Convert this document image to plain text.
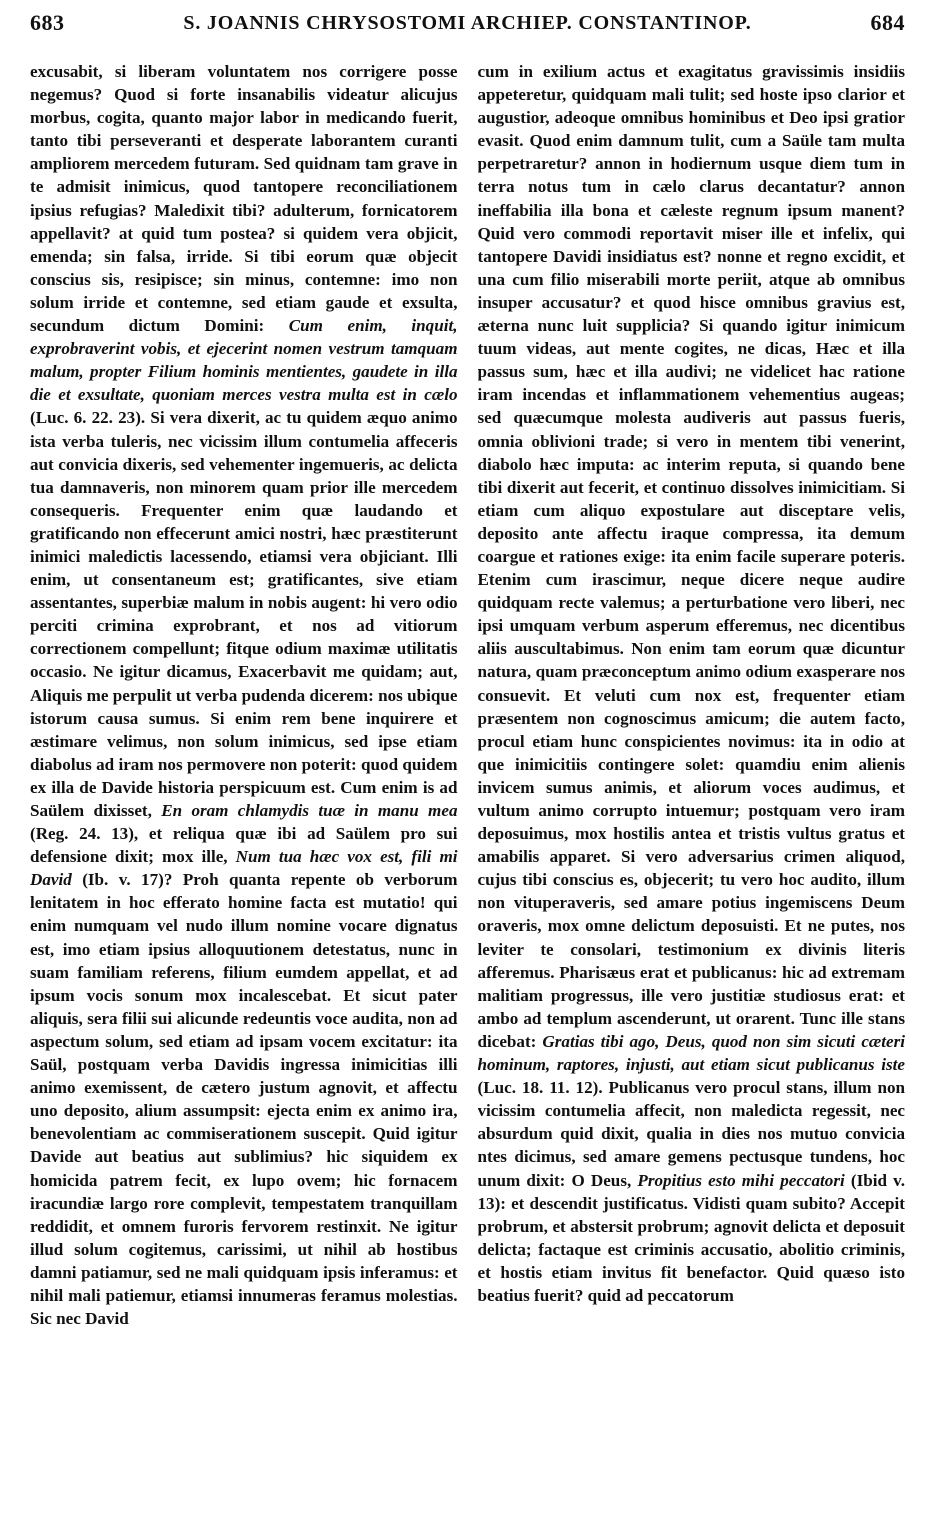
683	S. JOANNIS CHRYSOSTOMI ARCHIEP. CONSTANTINOP.	684

excusabit, si liberam voluntatem nos corrigere posse negemus? Quod si forte insanabilis videatur alicujus morbus, cogita, quanto major labor in medicando fuerit, tanto tibi perseveranti et desperate laborantem curanti ampliorem mercedem futuram. Sed quidnam tam grave in te admisit inimicus, quod tantopere reconciliationem ipsius refugias? Maledixit tibi? adulterum, fornicatorem appellavit? at quid tum postea? si quidem vera objicit, emenda; sin falsa, irride. Si tibi eorum quæ objecit conscius sis, resipisce; sin minus, contemne: imo non solum irride et contemne, sed etiam gaude et exsulta, secundum dictum Domini: Cum enim, inquit, exprobraverint vobis, et ejecerint nomen vestrum tamquam malum, propter Filium hominis mentientes, gaudete in illa die et exsultate, quoniam merces vestra multa est in cælo (Luc. 6. 22. 23). Si vera dixerit, ac tu quidem æquo animo ista verba tuleris, nec vicissim illum contumelia affeceris aut convicia dixeris, sed vehementer ingemueris, ac delicta tua damnaveris, non minorem quam prior ille mercedem consequeris. Frequenter enim quæ laudando et gratificando non effecerunt amici nostri, hæc præstiterunt inimici maledictis lacessendo, etiamsi vera objiciant. Illi enim, ut consentaneum est; gratificantes, sive etiam assentantes, superbiæ malum in nobis augent: hi vero odio perciti crimina exprobrant, et nos ad vitiorum correctionem compellunt; fitque odium maximæ utilitatis occasio. Ne igitur dicamus, Exacerbavit me quidam; aut, Aliquis me perpulit ut verba pudenda dicerem: nos ubique istorum causa sumus. Si enim rem bene inquirere et æstimare velimus, non solum inimicus, sed ipse etiam diabolus ad iram nos permovere non poterit: quod quidem ex illa de Davide historia perspicuum est. Cum enim is ad Saülem dixisset, En oram chlamydis tuæ in manu mea (Reg. 24. 13), et reliqua quæ ibi ad Saülem pro sui defensione dixit; mox ille, Num tua hæc vox est, fili mi David (Ib. v. 17)? Proh quanta repente ob verborum lenitatem in hoc efferato homine facta est mutatio! qui enim numquam vel nudo illum nomine vocare dignatus est, imo etiam ipsius alloquutionem detestatus, nunc in suam familiam referens, filium eumdem appellat, et ad ipsum vocis sonum mox incalescebat. Et sicut pater aliquis, sera filii sui alicunde redeuntis voce audita, non ad aspectum solum, sed etiam ad ipsam vocem excitatur: ita Saül, postquam verba Davidis ingressa inimicitias illi animo exemissent, de cætero justum agnovit, et affectu uno deposito, alium assumpsit: ejecta enim ex animo ira, benevolentiam ac commiserationem suscepit. Quid igitur Davide aut beatius aut sublimius? hic siquidem ex homicida patrem fecit, ex lupo ovem; hic fornacem iracundiæ largo rore complevit, tempestatem tranquillam reddidit, et omnem furoris fervorem restinxit. Ne igitur illud solum cogitemus, carissimi, ut nihil ab hostibus damni patiamur, sed ne mali quidquam ipsis inferamus: et nihil mali patiemur, etiamsi innumeras feramus molestias. Sic nec David

cum in exilium actus et exagitatus gravissimis insidiis appeteretur, quidquam mali tulit; sed hoste ipso clarior et augustior, adeoque omnibus hominibus et Deo ipsi gratior evasit. Quod enim damnum tulit, cum a Saüle tam multa perpetraretur? annon in hodiernum usque diem tum in terra notus tum in cælo clarus decantatur? annon ineffabilia illa bona et cæleste regnum ipsum manent? Quid vero commodi reportavit miser ille et infelix, qui tantopere Davidi insidiatus est? nonne et regno excidit, et una cum filio miserabili morte periit, atque ab omnibus insuper accusatur? et quod hisce omnibus gravius est, æterna nunc luit supplicia? Si quando igitur inimicum tuum videas, aut mente cogites, ne dicas, Hæc et illa passus sum, hæc et illa audivi; ne videlicet hac ratione iram incendas et inflammationem vehementius augeas; sed quæcumque molesta audiveris aut passus fueris, omnia oblivioni trade; si vero in mentem tibi venerint, diabolo hæc imputa: ac interim reputa, si quando bene tibi dixerit aut fecerit, et continuo dissolves inimicitiam. Si etiam cum aliquo expostulare aut disceptare velis, deposito ante affectu iraque compressa, ita demum coargue et rationes exige: ita enim facile superare poteris. Etenim cum irascimur, neque dicere neque audire quidquam recte valemus; a perturbatione vero liberi, nec ipsi umquam verbum asperum efferemus, nec dicentibus aliis auscultabimus. Non enim tam eorum quæ dicuntur natura, quam præconceptum animo odium exasperare nos consuevit. Et veluti cum nox est, frequenter etiam præsentem non cognoscimus amicum; die autem facto, procul etiam hunc conspicientes novimus: ita in odio at que inimicitiis contingere solet: quamdiu enim alienis invicem sumus animis, et aliorum voces audimus, et vultum animo corrupto intuemur; postquam vero iram deposuimus, mox hostilis antea et tristis vultus gratus et amabilis apparet. Si vero adversarius crimen aliquod, cujus tibi conscius es, objecerit; tu vero hoc audito, illum non vituperaveris, sed amare potius ingemiscens Deum oraveris, mox omne delictum deposuisti. Et ne putes, nos leviter te consolari, testimonium ex divinis literis afferemus. Pharisæus erat et publicanus: hic ad extremam malitiam progressus, ille vero justitiæ studiosus erat: et ambo ad templum ascenderunt, ut orarent. Tunc ille stans dicebat: Gratias tibi ago, Deus, quod non sim sicuti cæteri hominum, raptores, injusti, aut etiam sicut publicanus iste (Luc. 18. 11. 12). Publicanus vero procul stans, illum non vicissim contumelia affecit, non maledicta regessit, nec absurdum quid dixit, qualia in dies nos mutuo convicia ntes dicimus, sed amare gemens pectusque tundens, hoc unum dixit: O Deus, Propitius esto mihi peccatori (Ibid v. 13): et descendit justificatus. Vidisti quam subito? Accepit probrum, et abstersit probrum; agnovit delicta et deposuit delicta; factaque est criminis accusatio, abolitio criminis, et hostis etiam invitus fit benefactor. Quid quæso isto beatius fuerit? quid ad peccatorum
